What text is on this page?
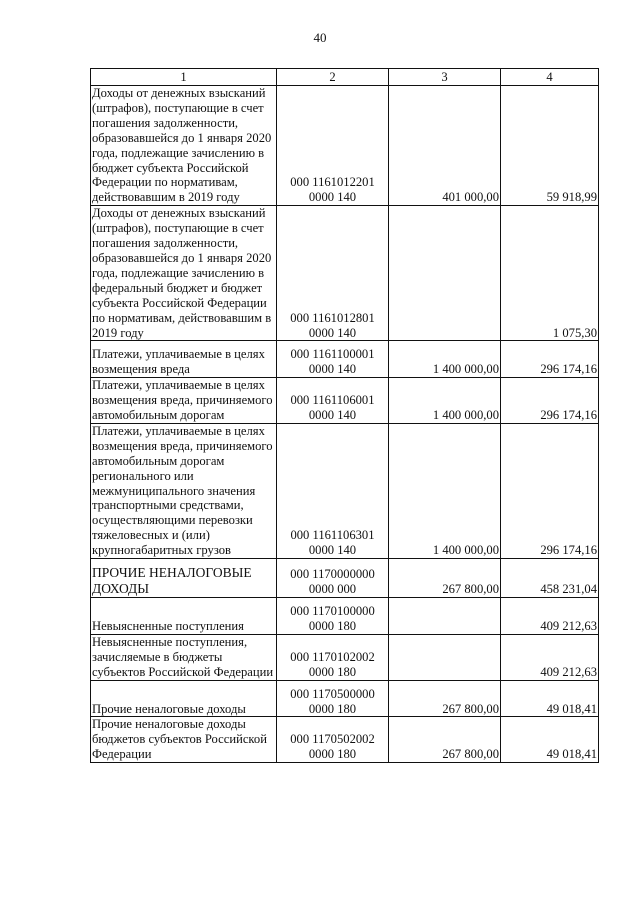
40
1	2	3	4
Доходы от денежных взысканий (штрафов), поступающие в счет погашения задолженности, образовавшейся до 1 января 2020 года, подлежащие зачислению в бюджет субъекта Российской Федерации по нормативам, действовавшим в 2019 году	000 1161012201
0000 140	401 000,00	59 918,99
Доходы от денежных взысканий (штрафов), поступающие в счет погашения задолженности, образовавшейся до 1 января 2020 года, подлежащие зачислению в федеральный бюджет и бюджет субъекта Российской Федерации по нормативам, действовавшим в 2019 году	000 1161012801
0000 140		1 075,30
Платежи, уплачиваемые в целях возмещения вреда	000 1161100001
0000 140	1 400 000,00	296 174,16
Платежи, уплачиваемые в целях возмещения вреда, причиняемого автомобильным дорогам	000 1161106001
0000 140	1 400 000,00	296 174,16
Платежи, уплачиваемые в целях возмещения вреда, причиняемого автомобильным дорогам регионального или межмуниципального значения транспортными средствами, осуществляющими перевозки тяжеловесных и (или) крупногабаритных грузов	000 1161106301
0000 140	1 400 000,00	296 174,16
ПРОЧИЕ НЕНАЛОГОВЫЕ ДОХОДЫ	000 1170000000
0000 000	267 800,00	458 231,04
Невыясненные поступления	000 1170100000
0000 180		409 212,63
Невыясненные поступления, зачисляемые в бюджеты субъектов Российской Федерации	000 1170102002
0000 180		409 212,63
Прочие неналоговые доходы	000 1170500000
0000 180	267 800,00	49 018,41
Прочие неналоговые доходы бюджетов субъектов Российской Федерации	000 1170502002
0000 180	267 800,00	49 018,41
